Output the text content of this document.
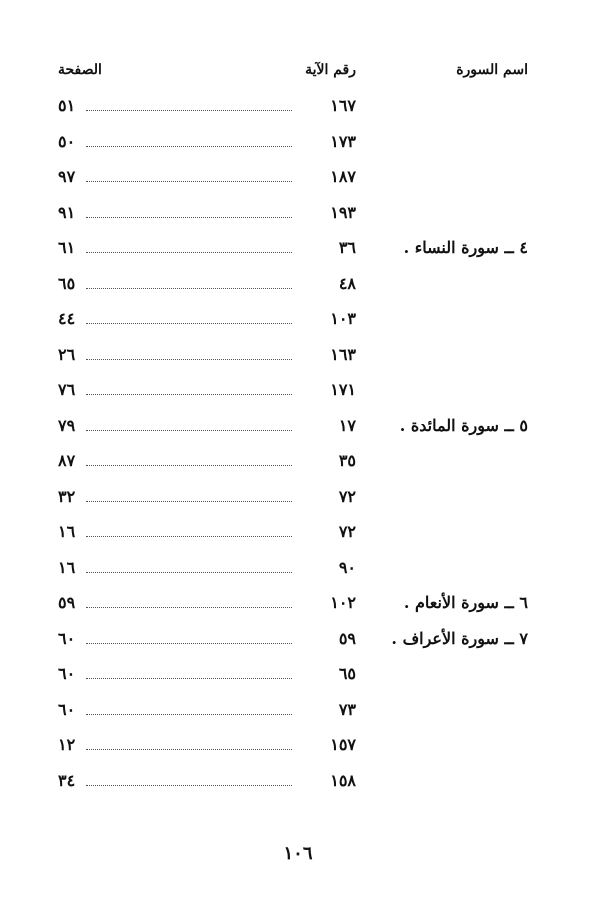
اسم السورة
رقم الآية
الصفحة
١٦٧
٥١
١٧٣
٥٠
١٨٧
٩٧
١٩٣
٩١
٤ ــ سورة النساء .
٣٦
٦١
٤٨
٦٥
١٠٣
٤٤
١٦٣
٢٦
١٧١
٧٦
٥ ــ سورة المائدة .
١٧
٧٩
٣٥
٨٧
٧٢
٣٢
٧٢
١٦
٩٠
١٦
٦ ــ سورة الأنعام .
١٠٢
٥٩
٧ ــ سورة الأعراف .
٥٩
٦٠
٦٥
٦٠
٧٣
٦٠
١٥٧
١٢
١٥٨
٣٤
١٠٦
